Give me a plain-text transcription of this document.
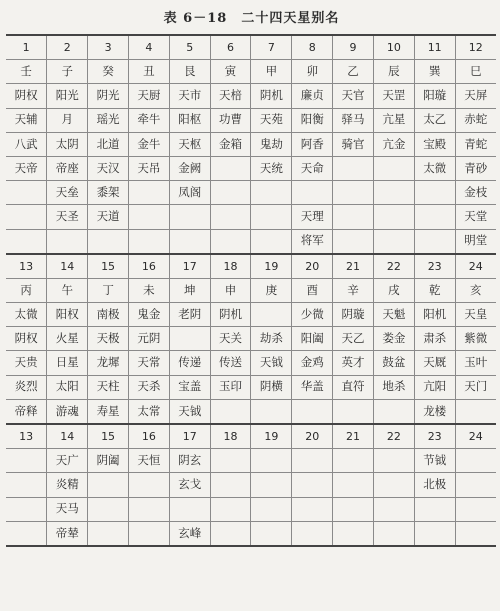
表 6－18　二十四天星别名
1	2	3	4	5	6	7	8	9	10	11	12
壬	子	癸	丑	艮	寅	甲	卯	乙	辰	巽	巳
阴权	阳光	阴光	天厨	天市	天棓	阴机	廉贞	天官	天罡	阳璇	天屏
天辅	月	瑶光	牵牛	阳枢	功曹	天苑	阳衡	驿马	亢星	太乙	赤蛇
八武	太阴	北道	金牛	天枢	金箱	鬼劫	阿香	骑官	亢金	宝殿	青蛇
天帝	帝座	天汉	天吊	金阙		天统	天命			太微	青砂
	天垒	黍架		凤阁							金枝
	天圣	天道					天理				天堂
							将军				明堂
13	14	15	16	17	18	19	20	21	22	23	24
丙	午	丁	未	坤	申	庚	酉	辛	戌	乾	亥
太微	阳权	南极	鬼金	老阴	阴机		少微	阴璇	天魁	阳机	天皇
阴权	火星	天极	元阴		天关	劫杀	阳阖	天乙	娄金	肃杀	紫微
天贵	日星	龙墀	天常	传递	传送	天钺	金鸡	英才	鼓盆	天厩	玉叶
炎烈	太阳	天柱	天杀	宝盖	玉印	阴横	华盖	直符	地杀	亢阳	天门
帝释	游魂	寿星	太常	天钺						龙楼	
13	14	15	16	17	18	19	20	21	22	23	24
	天广	阴阖	天恒	阴玄						节钺	
	炎精			玄戈						北极	
	天马										
	帝辇			玄峰							
